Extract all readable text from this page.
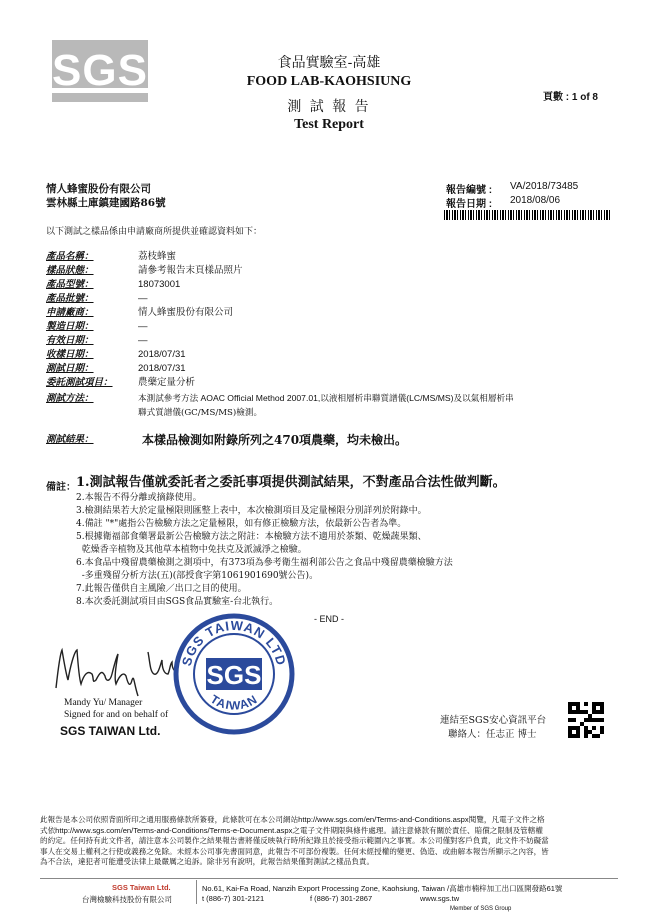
SGS	食品實驗室-高雄
FOOD LAB-KAOHSIUNG
測 試 報 告
Test Report
頁數 : 1 of 8
情人蜂蜜股份有限公司
雲林縣土庫鎮建國路86號
報告編號 : VA/2018/73485
報告日期 : 2018/08/06
以下測試之樣品係由申請廠商所提供並確認資料如下：
產品名稱：	荔枝蜂蜜
樣品狀態：	請參考報告末頁樣品照片
產品型號：	18073001
產品批號：	—
申請廠商：	情人蜂蜜股份有限公司
製造日期：	—
有效日期：	—
收樣日期：	2018/07/31
測試日期：	2018/07/31
委託測試項目：	農藥定量分析
測試方法：	本測試參考方法 AOAC Official Method 2007.01,以液相層析串聯質譜儀(LC/MS/MS)及以氣相層析串
聯式質譜儀(GC/MS/MS)檢測。
測試結果：	本樣品檢測如附錄所列之470項農藥，均未檢出。
備註： 1.測試報告僅就委託者之委託事項提供測試結果，不對產品合法性做判斷。
2.本報告不得分離或摘錄使用。
3.檢測結果若大於定量極限則匯整上表中，本次檢測項目及定量極限分別詳列於附錄中。
4.備註 "*"處指公告檢驗方法之定量極限，如有修正檢驗方法，依最新公告者為準。
5.根據衛福部食藥署最新公告檢驗方法之附註：本檢驗方法不適用於茶類、乾燥蔬果類、
乾燥香辛植物及其他草本植物中免扶克及派滅淨之檢驗。
6.本食品中殘留農藥檢測之測項中，有373項為參考衛生福利部公告之食品中殘留農藥檢驗方法
-多重殘留分析方法(五)(部授食字第1061901690號公告)。
7.此報告僅供自主風險／出口之目的使用。
8.本次委託測試項目由SGS食品實驗室-台北執行。
- END -
Mandy Yu/ Manager
Signed for and on behalf of
SGS TAIWAN Ltd.
SGS TAIWAN LTD
TAIWAN
SGS
連結至SGS安心資訊平台
聯絡人：任志正 博士
此報告是本公司依照背面所印之通用服務條款所簽發，此條款可在本公司網站http://www.sgs.com/en/Terms-and-Conditions.aspx閱覽，凡電子文件之格
式依http://www.sgs.com/en/Terms-and-Conditions/Terms-e-Document.aspx之電子文件期限與條件處理。請注意條款有關於責任、賠償之限制及管轄權
的約定。任何持有此文件者，請注意本公司製作之結果報告書將僅反映執行時所紀錄且於接受指示範圍內之事實。本公司僅對客戶負責，此文件不妨礙當
事人在交易上權利之行使或義務之免除。未經本公司事先書面同意，此報告不可部份複製。任何未經授權的變更、偽造、或曲解本報告所顯示之內容，皆
為不合法，違犯者可能遭受法律上最嚴厲之追訴。除非另有說明，此報告結果僅對測試之樣品負責。
SGS Taiwan Ltd.
台灣檢驗科技股份有限公司
No.61, Kai-Fa Road, Nanzih Export Processing Zone, Kaohsiung, Taiwan /高雄市楠梓加工出口區開發路61號
t (886-7) 301-2121	f (886-7) 301-2867	www.sgs.tw
Member of SGS Group
